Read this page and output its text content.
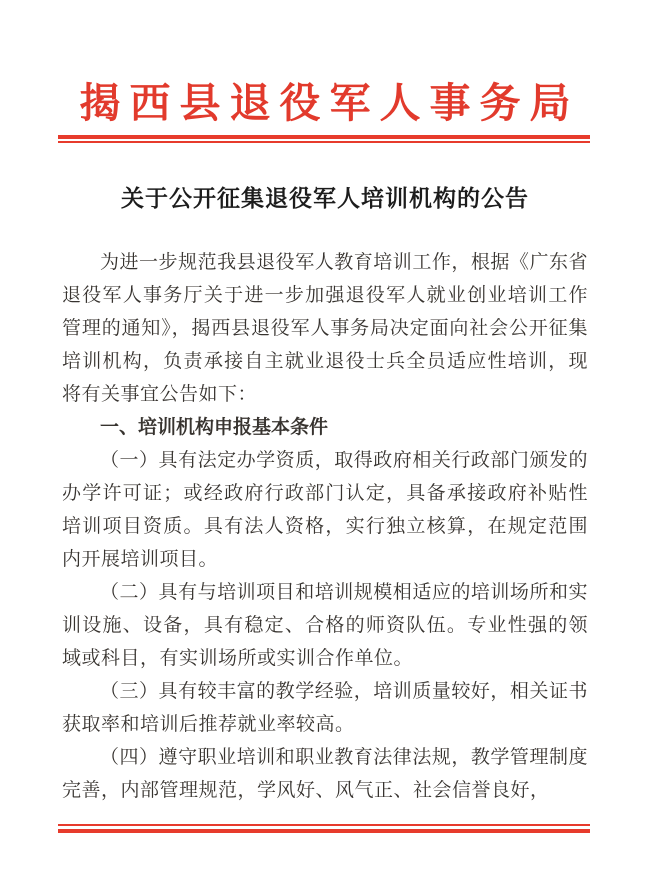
揭西县退役军人事务局
关于公开征集退役军人培训机构的公告

为进一步规范我县退役军人教育培训工作，根据《广东省退役军人事务厅关于进一步加强退役军人就业创业培训工作管理的通知》，揭西县退役军人事务局决定面向社会公开征集培训机构，负责承接自主就业退役士兵全员适应性培训，现将有关事宜公告如下：

一、培训机构申报基本条件

（一）具有法定办学资质，取得政府相关行政部门颁发的办学许可证；或经政府行政部门认定，具备承接政府补贴性培训项目资质。具有法人资格，实行独立核算，在规定范围内开展培训项目。

（二）具有与培训项目和培训规模相适应的培训场所和实训设施、设备，具有稳定、合格的师资队伍。专业性强的领域或科目，有实训场所或实训合作单位。

（三）具有较丰富的教学经验，培训质量较好，相关证书获取率和培训后推荐就业率较高。

（四）遵守职业培训和职业教育法律法规，教学管理制度完善，内部管理规范，学风好、风气正、社会信誉良好，
